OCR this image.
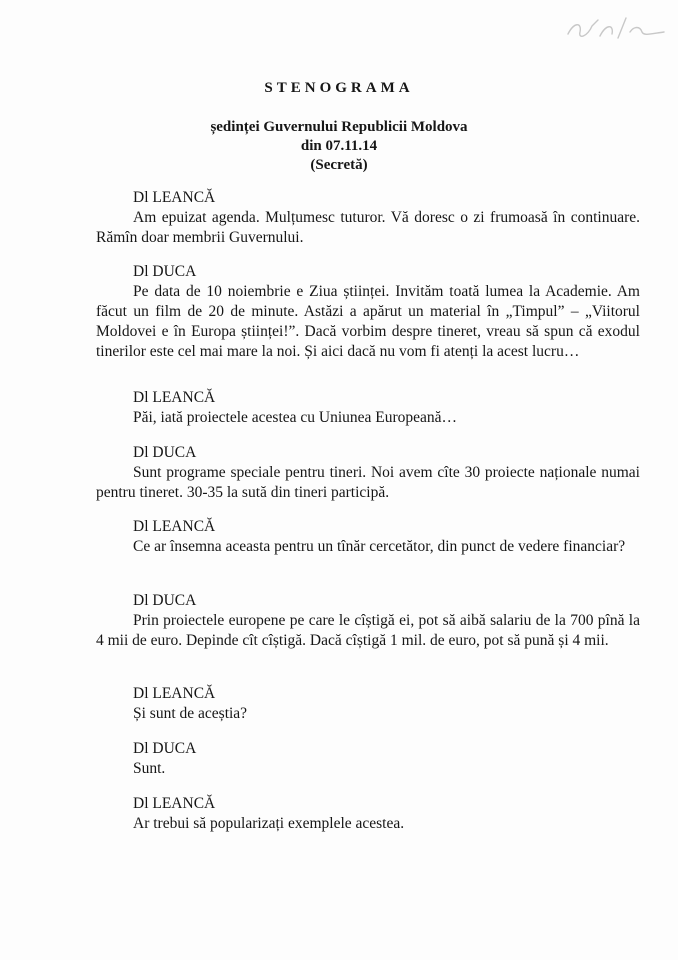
STENOGRAMA
ședinței Guvernului Republicii Moldova
din 07.11.14
(Secretă)
Dl LEANCĂ
Am epuizat agenda. Mulțumesc tuturor. Vă doresc o zi frumoasă în continuare. Rămîn doar membrii Guvernului.
Dl DUCA
Pe data de 10 noiembrie e Ziua științei. Invităm toată lumea la Academie. Am făcut un film de 20 de minute. Astăzi a apărut un material în „Timpul” – „Viitorul Moldovei e în Europa științei!”. Dacă vorbim despre tineret, vreau să spun că exodul tinerilor este cel mai mare la noi. Și aici dacă nu vom fi atenți la acest lucru…
Dl LEANCĂ
Păi, iată proiectele acestea cu Uniunea Europeană…
Dl DUCA
Sunt programe speciale pentru tineri. Noi avem cîte 30 proiecte naționale numai pentru tineret. 30-35 la sută din tineri participă.
Dl LEANCĂ
Ce ar însemna aceasta pentru un tînăr cercetător, din punct de vedere financiar?
Dl DUCA
Prin proiectele europene pe care le cîștigă ei, pot să aibă salariu de la 700 pînă la 4 mii de euro. Depinde cît cîștigă. Dacă cîștigă 1 mil. de euro, pot să pună și 4 mii.
Dl LEANCĂ
Și sunt de aceștia?
Dl DUCA
Sunt.
Dl LEANCĂ
Ar trebui să popularizați exemplele acestea.
